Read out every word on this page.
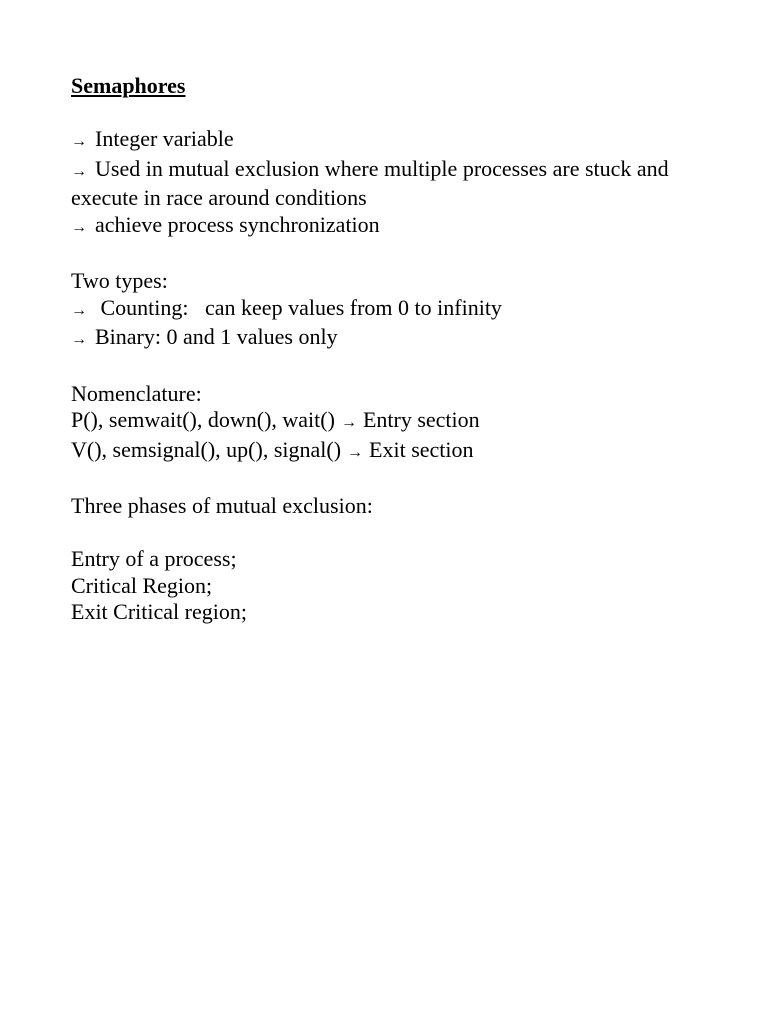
Semaphores
→ Integer variable
→ Used in mutual exclusion where multiple processes are stuck and execute in race around conditions
→ achieve process synchronization
Two types:
→ Counting:   can keep values from 0 to infinity
→ Binary: 0 and 1 values only
Nomenclature:
P(), semwait(), down(), wait() → Entry section
V(), semsignal(), up(), signal() → Exit section
Three phases of mutual exclusion:
Entry of a process;
Critical Region;
Exit Critical region;
